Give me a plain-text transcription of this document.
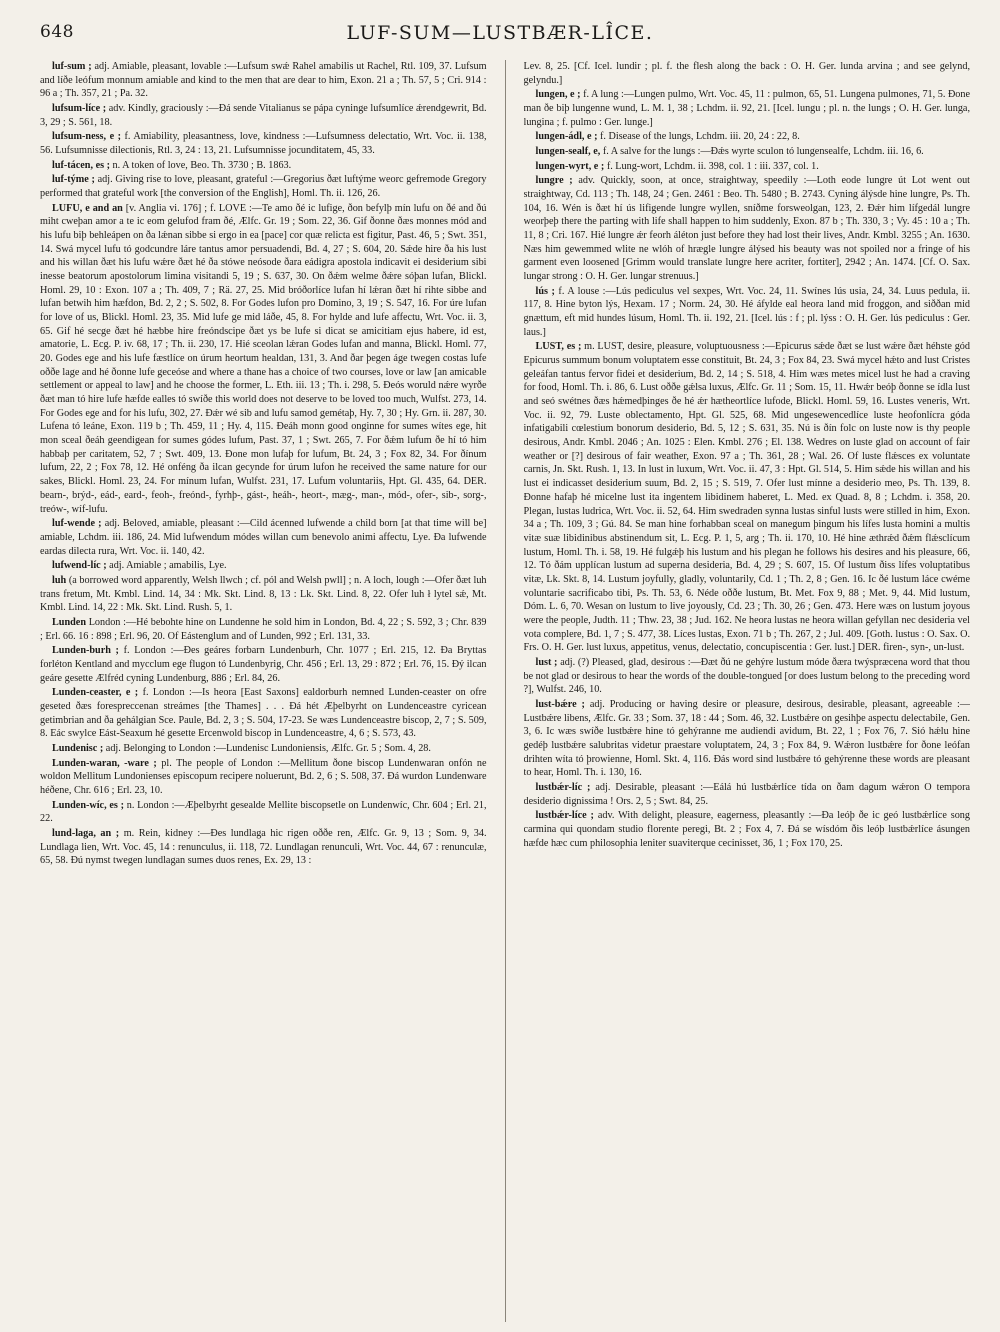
648	LUF-SUM—LUSTBÆR-LÎCE.

luf-sum ; adj. Amiable, pleasant, lovable :—Lufsum swǽ Rahel amabilis ut Rachel, Rtl. 109, 37. Lufsum and líðe leófum monnum amiable and kind to the men that are dear to him, Exon. 21 a ; Th. 57, 5 ; Cri. 914 : 96 a ; Th. 357, 21 ; Pa. 32.

lufsum-líce ; adv. Kindly, graciously :—Ðá sende Vitalianus se pápa cyninge lufsumlíce ǽrendgewrit, Bd. 3, 29 ; S. 561, 18.

lufsum-ness, e ; f. Amiability, pleasantness, love, kindness :—Lufsumness delectatio, Wrt. Voc. ii. 138, 56. Lufsumnisse dilectionis, Rtl. 3, 24 : 13, 21. Lufsumnisse jocunditatem, 45, 33.

luf-tácen, es ; n. A token of love, Beo. Th. 3730 ; B. 1863.

luf-týme ; adj. Giving rise to love, pleasant, grateful :—Gregorius ðæt luftýme weorc gefremode Gregory performed that grateful work [the conversion of the English], Homl. Th. ii. 126, 26.

LUFU, e and an [v. Anglia vi. 176] ; f. LOVE :—Te amo ðé ic lufige, ðon befylþ mín lufu on ðé and ðú miht cweþan amor a te ic eom gelufod fram ðé, Ælfc. Gr. 19 ; Som. 22, 36. Gif ðonne ðæs monnes mód and his lufu biþ behleápen on ða lǽnan sibbe si ergo in ea [pace] cor quæ relicta est figitur, Past. 46, 5 ; Swt. 351, 14. Swá mycel lufu tó godcundre láre tantus amor persuadendi, Bd. 4, 27 ; S. 604, 20. Sǽde hire ða his lust and his willan ðæt his lufu wǽre ðæt hé ða stówe neósode ðara eádigra apostola indicavit ei desiderium sibi inesse beatorum apostolorum limina visitandi 5, 19 ; S. 637, 30. On ðǽm welme ðǽre sóþan lufan, Blickl. Homl. 29, 10 : Exon. 107 a ; Th. 409, 7 ; Rä. 27, 25. Mid bróðorlíce lufan hí lǽran ðæt hí rihte sibbe and lufan betwih him hæfdon, Bd. 2, 2 ; S. 502, 8. For Godes lufon pro Domino, 3, 19 ; S. 547, 16. For úre lufan for love of us, Blickl. Homl. 23, 35. Mid lufe ge mid láðe, 45, 8. For hylde and lufe affectu, Wrt. Voc. ii. 3, 65. Gif hé secge ðæt hé hæbbe hire freóndscipe ðæt ys be lufe si dicat se amicitiam ejus habere, id est, amatorie, L. Ecg. P. iv. 68, 17 ; Th. ii. 230, 17. Hié sceolan lǽran Godes lufan and manna, Blickl. Homl. 77, 20. Godes ege and his lufe fæstlíce on úrum heortum healdan, 131, 3. And ðar þegen áge twegen costas lufe oððe lage and hé ðonne lufe geceóse and where a thane has a choice of two courses, love or law [an amicable settlement or appeal to law] and he choose the former, L. Eth. iii. 13 ; Th. i. 298, 5. Ðeós woruld nǽre wyrðe ðæt man tó hire lufe hæfde ealles tó swíðe this world does not deserve to be loved too much, Wulfst. 273, 14. For Godes ege and for his lufu, 302, 27. Ðǽr wé sib and lufu samod gemétaþ, Hy. 7, 30 ; Hy. Grn. ii. 287, 30. Lufena tó leáne, Exon. 119 b ; Th. 459, 11 ; Hy. 4, 115. Ðeáh monn good onginne for sumes wítes ege, hit mon sceal ðeáh geendigean for sumes gódes lufum, Past. 37, 1 ; Swt. 265, 7. For ðǽm lufum ðe hí tó him habbaþ per caritatem, 52, 7 ; Swt. 409, 13. Ðone mon lufaþ for lufum, Bt. 24, 3 ; Fox 82, 34. For ðínum lufum, 22, 2 ; Fox 78, 12. Hé onféng ða ilcan gecynde for úrum lufon he received the same nature for our sakes, Blickl. Homl. 23, 24. For mínum lufan, Wulfst. 231, 17. Lufum voluntariis, Hpt. Gl. 435, 64. DER. bearn-, brýd-, eád-, eard-, feoh-, freónd-, fyrhþ-, gást-, heáh-, heort-, mæg-, man-, mód-, ofer-, sib-, sorg-, treów-, wíf-lufu.

luf-wende ; adj. Beloved, amiable, pleasant :—Cild ácenned lufwende a child born [at that time will be] amiable, Lchdm. iii. 186, 24. Mid lufwendum módes willan cum benevolo animi affectu, Lye. Ða lufwende eardas dilecta rura, Wrt. Voc. ii. 140, 42.

lufwend-líc ; adj. Amiable ; amabilis, Lye.

luh (a borrowed word apparently, Welsh llwch ; cf. pól and Welsh pwll] ; n. A loch, lough :—Ofer ðæt luh trans fretum, Mt. Kmbl. Lind. 14, 34 : Mk. Skt. Lind. 8, 13 : Lk. Skt. Lind. 8, 22. Ofer luh ł lytel sǽ, Mt. Kmbl. Lind. 14, 22 : Mk. Skt. Lind. Rush. 5, 1.

Lunden London :—Hé bebohte hine on Lundenne he sold him in London, Bd. 4, 22 ; S. 592, 3 ; Chr. 839 ; Erl. 66. 16 : 898 ; Erl. 96, 20. Of Eástenglum and of Lunden, 992 ; Erl. 131, 33.

Lunden-burh ; f. London :—Ðes geáres forbarn Lundenburh, Chr. 1077 ; Erl. 215, 12. Ða Bryttas forléton Kentland and mycclum ege flugon tó Lundenbyrig, Chr. 456 ; Erl. 13, 29 : 872 ; Erl. 76, 15. Ðý ilcan geáre gesette Ælfréd cyning Lundenburg, 886 ; Erl. 84, 26.

Lunden-ceaster, e ; f. London :—Is heora [East Saxons] ealdorburh nemned Lunden-ceaster on ofre geseted ðæs forespreccenan streámes [the Thames] . . . Ðá hét Æþelbyrht on Lundenceastre cyricean getimbrian and ða gehálgian Sce. Paule, Bd. 2, 3 ; S. 504, 17-23. Se wæs Lundenceastre biscop, 2, 7 ; S. 509, 8. Eác swylce Eást-Seaxum hé gesette Ercenwold biscop in Lundenceastre, 4, 6 ; S. 573, 43.

Lundenisc ; adj. Belonging to London :—Lundenisc Lundoniensis, Ælfc. Gr. 5 ; Som. 4, 28.

Lunden-waran, -ware ; pl. The people of London :—Mellitum ðone biscop Lundenwaran onfón ne woldon Mellitum Lundonienses episcopum recipere noluerunt, Bd. 2, 6 ; S. 508, 37. Ðá wurdon Lundenware héðene, Chr. 616 ; Erl. 23, 10.

Lunden-wíc, es ; n. London :—Æþelbyrht gesealde Mellite biscopsetle on Lundenwíc, Chr. 604 ; Erl. 21, 22.

lund-laga, an ; m. Rein, kidney :—Ðes lundlaga hic rigen oððe ren, Ælfc. Gr. 9, 13 ; Som. 9, 34. Lundlaga lien, Wrt. Voc. 45, 14 : renunculus, ii. 118, 72. Lundlagan renunculi, Wrt. Voc. 44, 67 : renunculæ, 65, 58. Ðú nymst twegen lundlagan sumes duos renes, Ex. 29, 13 :

Lev. 8, 25. [Cf. Icel. lundir ; pl. f. the flesh along the back : O. H. Ger. lunda arvina ; and see gelynd, gelyndu.]

lungen, e ; f. A lung :—Lungen pulmo, Wrt. Voc. 45, 11 : pulmon, 65, 51. Lungena pulmones, 71, 5. Ðone man ðe biþ lungenne wund, L. M. 1, 38 ; Lchdm. ii. 92, 21. [Icel. lungu ; pl. n. the lungs ; O. H. Ger. lunga, lungina ; f. pulmo : Ger. lunge.]

lungen-ádl, e ; f. Disease of the lungs, Lchdm. iii. 20, 24 : 22, 8.

lungen-sealf, e, f. A salve for the lungs :—Ðǽs wyrte sculon tó lungensealfe, Lchdm. iii. 16, 6.

lungen-wyrt, e ; f. Lung-wort, Lchdm. ii. 398, col. 1 : iii. 337, col. 1.

lungre ; adv. Quickly, soon, at once, straightway, speedily :—Loth eode lungre út Lot went out straightway, Cd. 113 ; Th. 148, 24 ; Gen. 2461 : Beo. Th. 5480 ; B. 2743. Cyning álýsde hine lungre, Ps. Th. 104, 16. Wén is ðæt hí ús lifigende lungre wyllen, sníðme forsweolgan, 123, 2. Ðǽr him lífgedál lungre weorþeþ there the parting with life shall happen to him suddenly, Exon. 87 b ; Th. 330, 3 ; Vy. 45 : 10 a ; Th. 11, 8 ; Cri. 167. Hié lungre ǽr feorh áléton just before they had lost their lives, Andr. Kmbl. 3255 ; An. 1630. Næs him gewemmed wlite ne wlóh of hrægle lungre álýsed his beauty was not spoiled nor a fringe of his garment even loosened [Grimm would translate lungre here acriter, fortiter], 2942 ; An. 1474. [Cf. O. Sax. lungar strong : O. H. Ger. lungar strenuus.]

lús ; f. A louse :—Lús pediculus vel sexpes, Wrt. Voc. 24, 11. Swínes lús usia, 24, 34. Luus pedula, ii. 117, 8. Hine byton lýs, Hexam. 17 ; Norm. 24, 30. Hé áfylde eal heora land mid froggon, and siððan mid gnættum, eft mid hundes lúsum, Homl. Th. ii. 192, 21. [Icel. lús : f ; pl. lýss : O. H. Ger. lús pediculus : Ger. laus.]

LUST, es ; m. LUST, desire, pleasure, voluptuousness :—Epicurus sǽde ðæt se lust wǽre ðæt héhste gód Epicurus summum bonum voluptatem esse constituit, Bt. 24, 3 ; Fox 84, 23. Swá mycel hǽto and lust Cristes geleáfan tantus fervor fidei et desiderium, Bd. 2, 14 ; S. 518, 4. Him wæs metes micel lust he had a craving for food, Homl. Th. i. 86, 6. Lust oððe gǽlsa luxus, Ælfc. Gr. 11 ; Som. 15, 11. Hwǽr beóþ ðonne se ídla lust and seó swétnes ðæs hǽmedþinges ðe hé ǽr hætheortlíce lufode, Blickl. Homl. 59, 16. Lustes veneris, Wrt. Voc. ii. 92, 79. Luste oblectamento, Hpt. Gl. 525, 68. Mid ungesewencedlíce luste heofonlícra góda infatigabili cœlestium bonorum desiderio, Bd. 5, 12 ; S. 631, 35. Nú is ðín folc on luste now is thy people desirous, Andr. Kmbl. 2046 ; An. 1025 : Elen. Kmbl. 276 ; El. 138. Wedres on luste glad on account of fair weather or [?] desirous of fair weather, Exon. 97 a ; Th. 361, 28 ; Wal. 26. Of luste flǽsces ex voluntate carnis, Jn. Skt. Rush. 1, 13. In lust in luxum, Wrt. Voc. ii. 47, 3 : Hpt. Gl. 514, 5. Him sǽde his willan and his lust ei indicasset desiderium suum, Bd. 2, 15 ; S. 519, 7. Ofer lust mínne a desiderio meo, Ps. Th. 139, 8. Ðonne hafaþ hé micelne lust ita ingentem libidinem haberet, L. Med. ex Quad. 8, 8 ; Lchdm. i. 358, 20. Plegan, lustas ludrica, Wrt. Voc. ii. 52, 64. Him swedraden synna lustas sinful lusts were stilled in him, Exon. 34 a ; Th. 109, 3 ; Gú. 84. Se man hine forhabban sceal on manegum þingum his lífes lusta homini a multis vitæ suæ libidinibus abstinendum sit, L. Ecg. P. 1, 5, arg ; Th. ii. 170, 10. Hé hine æthrǽd ðǽm flǽsclícum lustum, Homl. Th. i. 58, 19. Hé fulgǽþ his lustum and his plegan he follows his desires and his pleasure, 66, 12. Tó ðám upplícan lustum ad superna desideria, Bd. 4, 29 ; S. 607, 15. Of lustum ðiss lífes voluptatibus vitæ, Lk. Skt. 8, 14. Lustum joyfully, gladly, voluntarily, Cd. 1 ; Th. 2, 8 ; Gen. 16. Ic ðé lustum láce cwéme voluntarie sacrificabo tibi, Ps. Th. 53, 6. Néde oððe lustum, Bt. Met. Fox 9, 88 ; Met. 9, 44. Mid lustum, Dóm. L. 6, 70. Wesan on lustum to live joyously, Cd. 23 ; Th. 30, 26 ; Gen. 473. Here wæs on lustum joyous were the people, Judth. 11 ; Thw. 23, 38 ; Jud. 162. Ne heora lustas ne heora willan gefyllan nec desideria vel vota complere, Bd. 1, 7 ; S. 477, 38. Líces lustas, Exon. 71 b ; Th. 267, 2 ; Jul. 409. [Goth. lustus : O. Sax. O. Frs. O. H. Ger. lust luxus, appetitus, venus, delectatio, concupiscentia : Ger. lust.] DER. firen-, syn-, un-lust.

lust ; adj. (?) Pleased, glad, desirous :—Ðæt ðú ne gehýre lustum móde ðæra twýspræcena word that thou be not glad or desirous to hear the words of the double-tongued [or does lustum belong to the preceding word ?], Wulfst. 246, 10.

lust-bǽre ; adj. Producing or having desire or pleasure, desirous, desirable, pleasant, agreeable :—Lustbǽre libens, Ælfc. Gr. 33 ; Som. 37, 18 : 44 ; Som. 46, 32. Lustbǽre on gesihþe aspectu delectabile, Gen. 3, 6. Ic wæs swíðe lustbǽre hine tó gehýranne me audiendi avidum, Bt. 22, 1 ; Fox 76, 7. Sió hǽlu hine gedéþ lustbǽre salubritas videtur praestare voluptatem, 24, 3 ; Fox 84, 9. Wǽron lustbǽre for ðone leófan drihten wíta tó þrowienne, Homl. Skt. 4, 116. Ðás word sind lustbǽre tó gehýrenne these words are pleasant to hear, Homl. Th. i. 130, 16.

lustbǽr-líc ; adj. Desirable, pleasant :—Eálá hú lustbǽrlíce tída on ðam dagum wǽron O tempora desiderio dignissima ! Ors. 2, 5 ; Swt. 84, 25.

lustbǽr-líce ; adv. With delight, pleasure, eagerness, pleasantly :—Ða leóþ ðe ic geó lustbǽrlíce song carmina qui quondam studio florente peregi, Bt. 2 ; Fox 4, 7. Ðá se wísdóm ðis leóþ lustbǽrlíce ásungen hæfde hæc cum philosophia leniter suaviterque cecinisset, 36, 1 ; Fox 170, 25.
